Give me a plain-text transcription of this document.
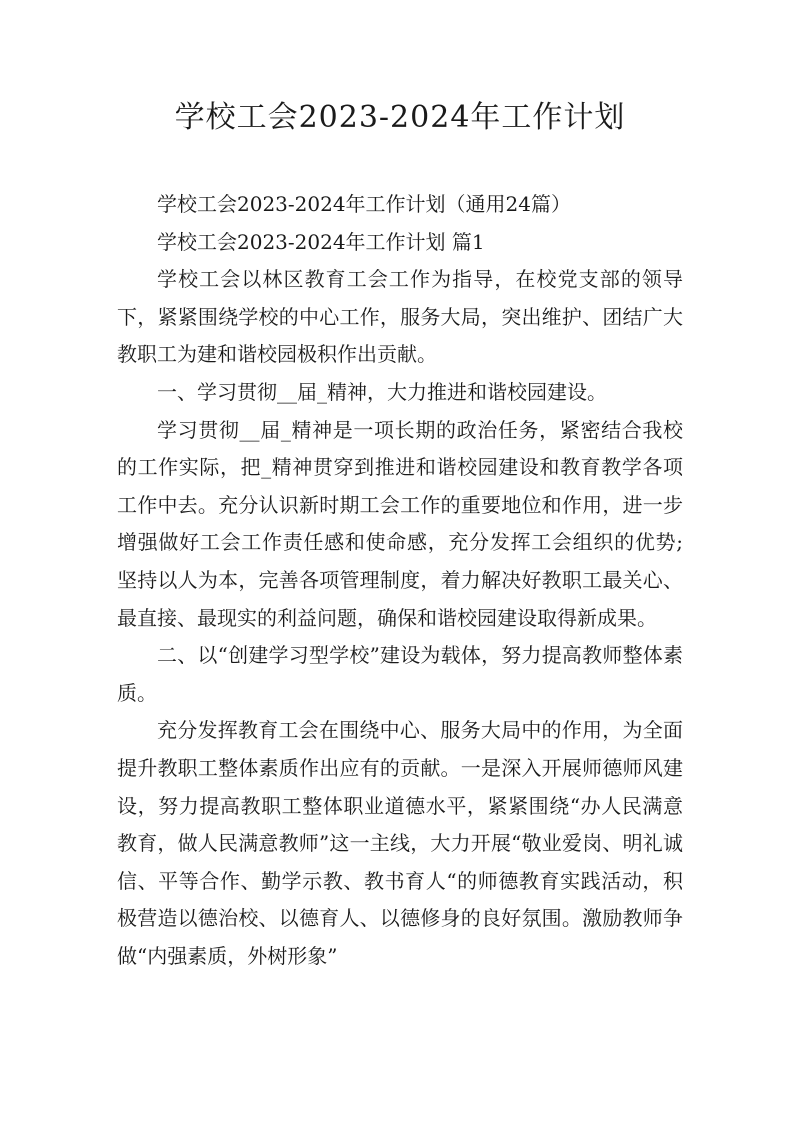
学校工会2023-2024年工作计划

学校工会2023-2024年工作计划（通用24篇）

学校工会2023-2024年工作计划 篇1

学校工会以林区教育工会工作为指导，在校党支部的领导下，紧紧围绕学校的中心工作，服务大局，突出维护、团结广大教职工为建和谐校园极积作出贡献。

一、学习贯彻__届_精神，大力推进和谐校园建设。

学习贯彻__届_精神是一项长期的政治任务，紧密结合我校的工作实际，把_精神贯穿到推进和谐校园建设和教育教学各项工作中去。充分认识新时期工会工作的重要地位和作用，进一步增强做好工会工作责任感和使命感，充分发挥工会组织的优势;坚持以人为本，完善各项管理制度，着力解决好教职工最关心、最直接、最现实的利益问题，确保和谐校园建设取得新成果。

二、以“创建学习型学校”建设为载体，努力提高教师整体素质。

充分发挥教育工会在围绕中心、服务大局中的作用，为全面提升教职工整体素质作出应有的贡献。一是深入开展师德师风建设，努力提高教职工整体职业道德水平，紧紧围绕“办人民满意教育，做人民满意教师”这一主线，大力开展“敬业爱岗、明礼诚信、平等合作、勤学示教、教书育人“的师德教育实践活动，积极营造以德治校、以德育人、以德修身的良好氛围。激励教师争做“内强素质，外树形象”
